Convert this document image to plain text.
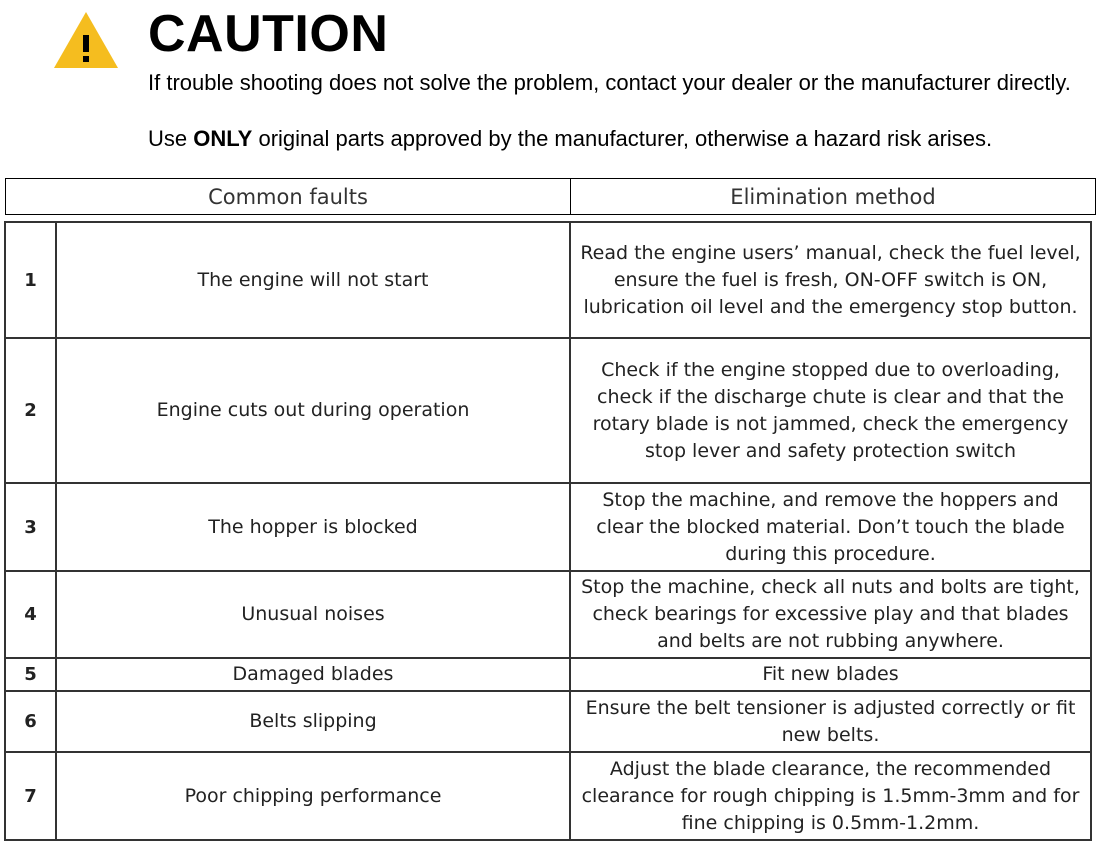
CAUTION
If trouble shooting does not solve the problem, contact your dealer or the manufacturer directly.
Use ONLY original parts approved by the manufacturer, otherwise a hazard risk arises.
Common faults	Elimination method
1	The engine will not start	Read the engine users’ manual, check the fuel level, ensure the fuel is fresh, ON-OFF switch is ON, lubrication oil level and the emergency stop button.
2	Engine cuts out during operation	Check if the engine stopped due to overloading, check if the discharge chute is clear and that the rotary blade is not jammed, check the emergency stop lever and safety protection switch
3	The hopper is blocked	Stop the machine, and remove the hoppers and clear the blocked material. Don’t touch the blade during this procedure.
4	Unusual noises	Stop the machine, check all nuts and bolts are tight, check bearings for excessive play and that blades and belts are not rubbing anywhere.
5	Damaged blades	Fit new blades
6	Belts slipping	Ensure the belt tensioner is adjusted correctly or fit new belts.
7	Poor chipping performance	Adjust the blade clearance, the recommended clearance for rough chipping is 1.5mm-3mm and for fine chipping is 0.5mm-1.2mm.
